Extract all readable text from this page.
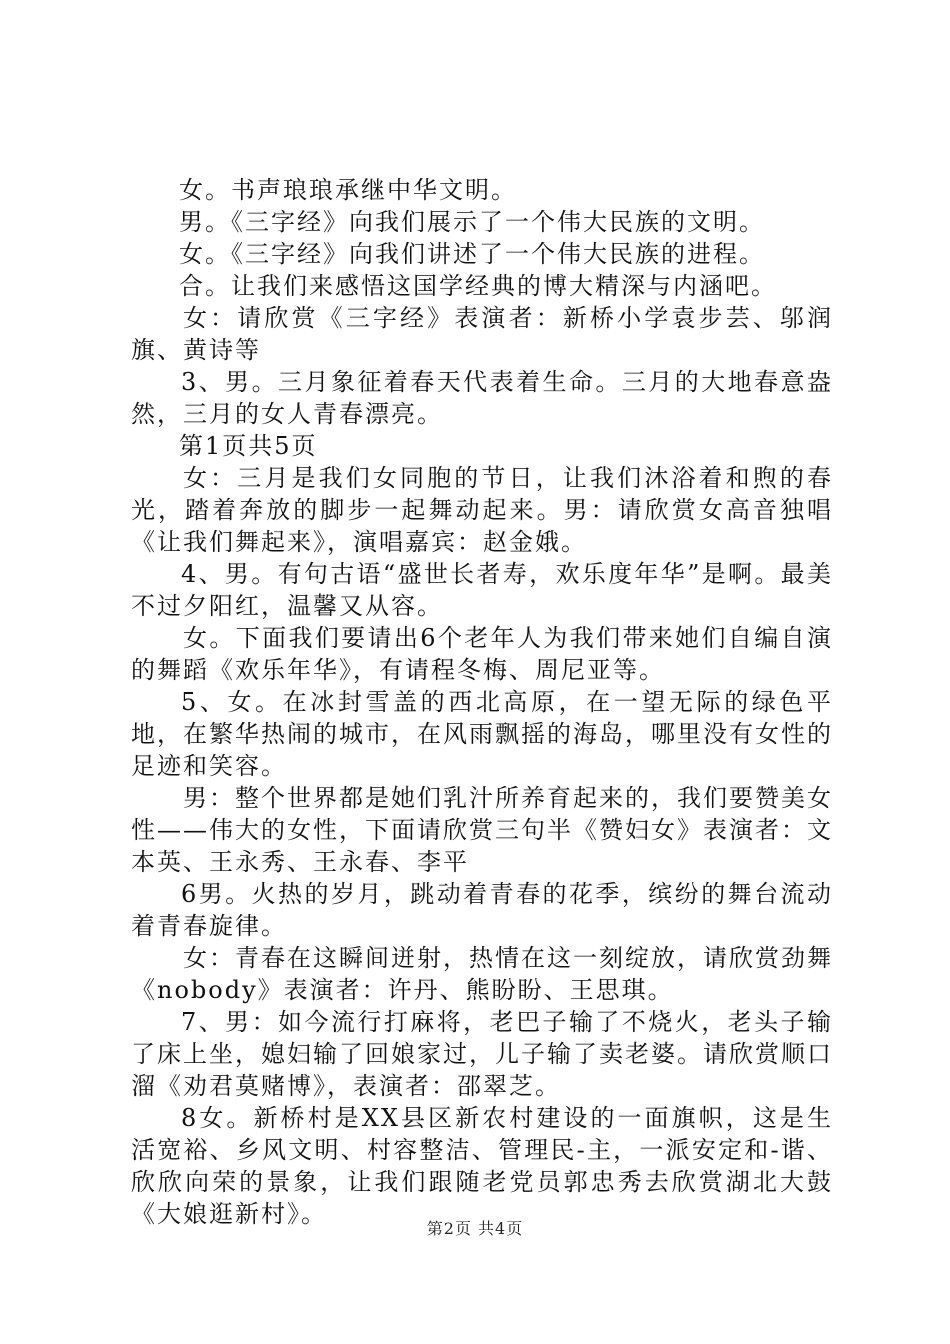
女。书声琅琅承继中华文明。

男。《三字经》向我们展示了一个伟大民族的文明。

女。《三字经》向我们讲述了一个伟大民族的进程。

合。让我们来感悟这国学经典的博大精深与内涵吧。

女：请欣赏《三字经》表演者：新桥小学袁步芸、邬润旗、黄诗等

3、男。三月象征着春天代表着生命。三月的大地春意盎然，三月的女人青春漂亮。

第1页共5页

女：三月是我们女同胞的节日，让我们沐浴着和煦的春光，踏着奔放的脚步一起舞动起来。男：请欣赏女高音独唱《让我们舞起来》，演唱嘉宾：赵金娥。

4、男。有句古语“盛世长者寿，欢乐度年华”是啊。最美不过夕阳红，温馨又从容。

女。下面我们要请出6个老年人为我们带来她们自编自演的舞蹈《欢乐年华》，有请程冬梅、周尼亚等。

5、女。在冰封雪盖的西北高原，在一望无际的绿色平地，在繁华热闹的城市，在风雨飘摇的海岛，哪里没有女性的足迹和笑容。

男：整个世界都是她们乳汁所养育起来的，我们要赞美女性——伟大的女性，下面请欣赏三句半《赞妇女》表演者：文本英、王永秀、王永春、李平

6男。火热的岁月，跳动着青春的花季，缤纷的舞台流动着青春旋律。

女：青春在这瞬间迸射，热情在这一刻绽放，请欣赏劲舞《nobody》表演者：许丹、熊盼盼、王思琪。

7、男：如今流行打麻将，老巴子输了不烧火，老头子输了床上坐，媳妇输了回娘家过，儿子输了卖老婆。请欣赏顺口溜《劝君莫赌博》，表演者：邵翠芝。

8女。新桥村是XX县区新农村建设的一面旗帜，这是生活宽裕、乡风文明、村容整洁、管理民-主，一派安定和-谐、欣欣向荣的景象，让我们跟随老党员郭忠秀去欣赏湖北大鼓《大娘逛新村》。

第2页 共4页
